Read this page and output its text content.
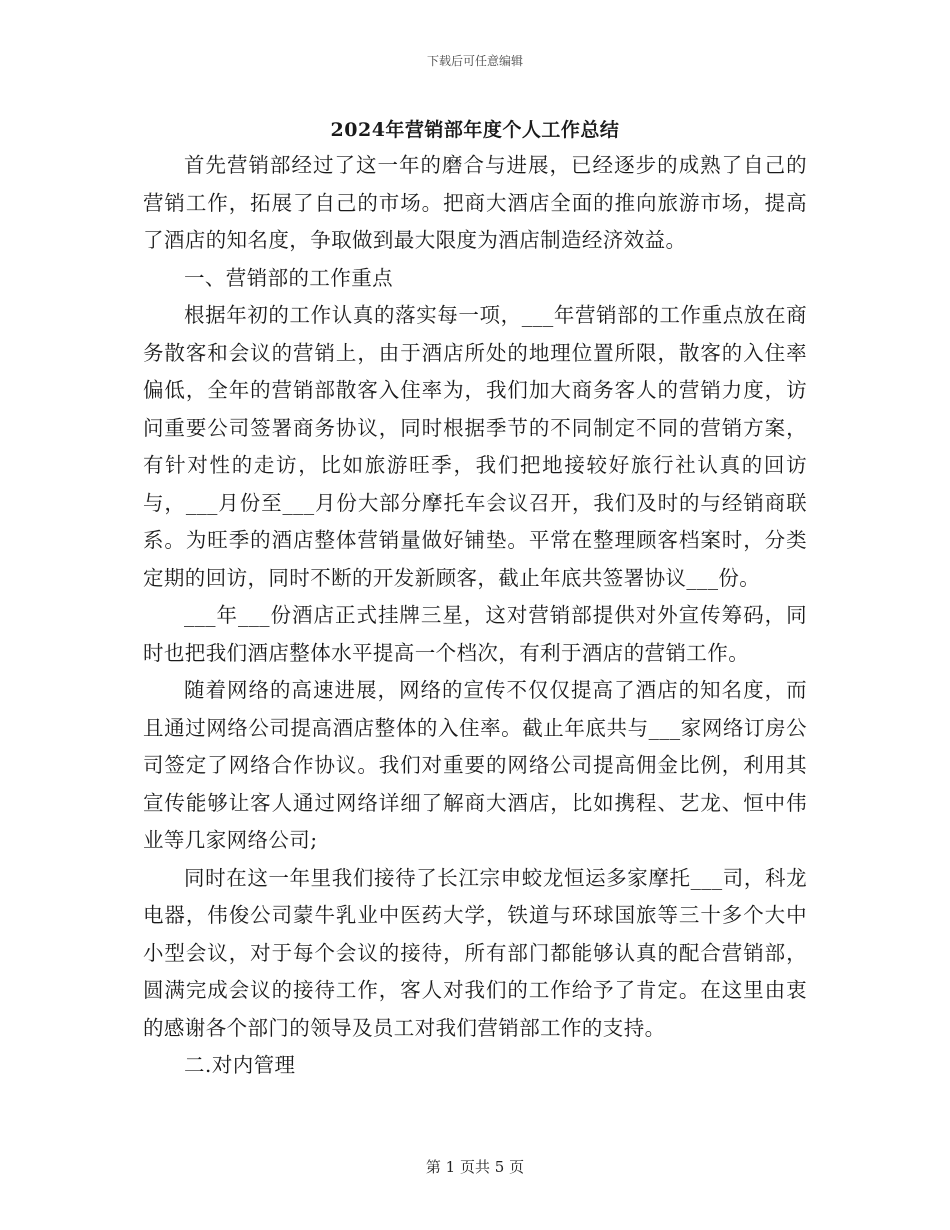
下载后可任意编辑
2024年营销部年度个人工作总结

首先营销部经过了这一年的磨合与进展，已经逐步的成熟了自己的营销工作，拓展了自己的市场。把商大酒店全面的推向旅游市场，提高了酒店的知名度，争取做到最大限度为酒店制造经济效益。

一、营销部的工作重点

根据年初的工作认真的落实每一项，___年营销部的工作重点放在商务散客和会议的营销上，由于酒店所处的地理位置所限，散客的入住率偏低，全年的营销部散客入住率为，我们加大商务客人的营销力度，访问重要公司签署商务协议，同时根据季节的不同制定不同的营销方案，有针对性的走访，比如旅游旺季，我们把地接较好旅行社认真的回访与，___月份至___月份大部分摩托车会议召开，我们及时的与经销商联系。为旺季的酒店整体营销量做好铺垫。平常在整理顾客档案时，分类定期的回访，同时不断的开发新顾客，截止年底共签署协议___份。

___年___份酒店正式挂牌三星，这对营销部提供对外宣传筹码，同时也把我们酒店整体水平提高一个档次，有利于酒店的营销工作。

随着网络的高速进展，网络的宣传不仅仅提高了酒店的知名度，而且通过网络公司提高酒店整体的入住率。截止年底共与___家网络订房公司签定了网络合作协议。我们对重要的网络公司提高佣金比例，利用其宣传能够让客人通过网络详细了解商大酒店，比如携程、艺龙、恒中伟业等几家网络公司;

同时在这一年里我们接待了长江宗申蛟龙恒运多家摩托___司，科龙电器，伟俊公司蒙牛乳业中医药大学，铁道与环球国旅等三十多个大中小型会议，对于每个会议的接待，所有部门都能够认真的配合营销部，圆满完成会议的接待工作，客人对我们的工作给予了肯定。在这里由衷的感谢各个部门的领导及员工对我们营销部工作的支持。

二.对内管理

第 1 页共 5 页
